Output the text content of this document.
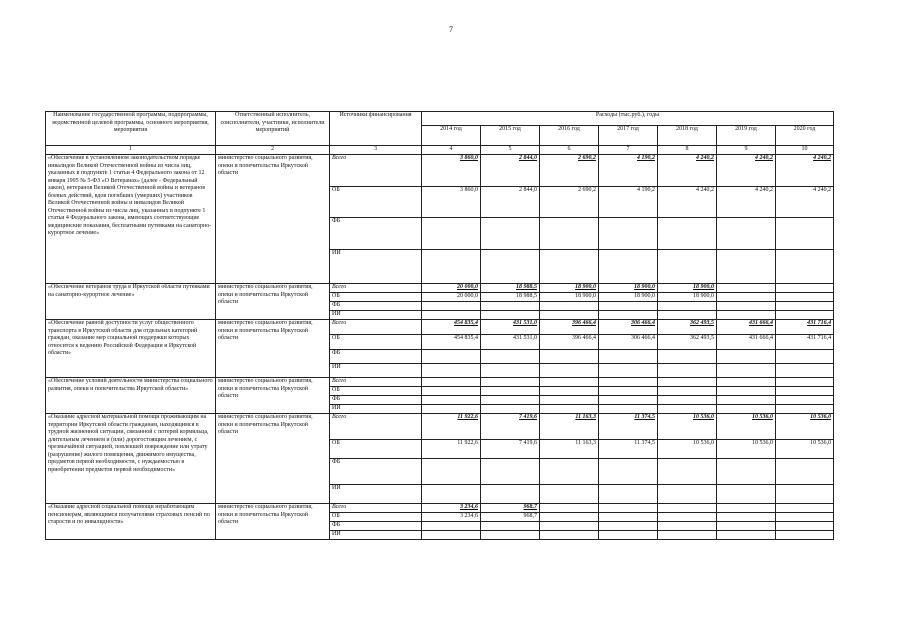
7
Наименование государственной программы, подпрограммы, ведомственной целевой программы, основного мероприятия, мероприятия	Ответственный исполнитель, соисполнители, участники, исполнители мероприятий	Источники финансирования	Расходы (тыс.руб.), годы						
			2014 год	2015 год	2016 год	2017 год	2018 год	2019 год	2020 год
1	2	3	4	5	6	7	8	9	10
«Обеспечение в установленном законодательством порядке инвалидов Великой Отечественной войны из числа лиц, указанных в подпункте 1 статьи 4 Федерального закона от 12 января 1995 № 5-ФЗ «О Ветеранах» (далее - Федеральный закон), ветеранов Великой Отечественной войны и ветеранов боевых действий, вдов погибших (умерших) участников Великой Отечественной войны и инвалидов Великой Отечественной войны из числа лиц, указанных в подпункте 1 статьи 4 Федерального закона, имеющих соответствующие медицинские показания, бесплатными путевками на санаторно-курортное лечение»	министерство социального развития, опеки и попечительства Иркутской области	Всего	3 860,0	2 844,0	2 690,2	4 190,2	4 240,2	4 240,2	4 240,2
		ОБ	3 860,0	2 844,0	2 690,2	4 190,2	4 240,2	4 240,2	4 240,2
		ФБ							
		ИИ							
«Обеспечение ветеранов труда в Иркутской области путевками на санаторно-курортное лечение»	министерство социального развития, опеки и попечительства Иркутской области	Всего	20 000,0	18 988,5	18 900,0	18 900,0	18 900,0		
		ОБ	20 000,0	18 988,5	18 900,0	18 900,0	18 900,0		
		ФБ							
		ИИ							
«Обеспечение равной доступности услуг общественного транспорта в Иркутской области для отдельных категорий граждан, оказание мер социальной поддержки которых относится к ведению Российской Федерации и Иркутской области»	министерство социального развития, опеки и попечительства Иркутской области	Всего	454 835,4	431 531,0	396 466,4	306 466,4	362 493,5	431 666,4	431 716,4
		ОБ	454 835,4	431 531,0	396 466,4	306 466,4	362 493,5	431 666,4	431 716,4
		ФБ							
		ИИ							
«Обеспечение условий деятельности министерства социального развития, опеки и попечительства Иркутской области»	министерство социального развития, опеки и попечительства Иркутской области	Всего							
		ОБ							
		ФБ							
		ИИ							
«Оказание адресной материальной помощи проживающим на территории Иркутской области гражданам, находящимся в трудной жизненной ситуации, связанной с потерей кормильца, длительным лечением и (или) дорогостоящим лечением, с чрезвычайной ситуацией, повлекшей повреждение или утрату (разрушение) жилого помещения, движимого имущества, предметов первой необходимости, с нуждаемостью в приобретении предметов первой необходимости»	министерство социального развития, опеки и попечительства Иркутской области	Всего	11 922,6	7 419,6	11 163,3	11 374,5	10 536,0	10 536,0	10 536,0
		ОБ	11 922,6	7 419,6	11 163,3	11 374,5	10 536,0	10 536,0	10 536,0
		ФБ							
		ИИ							
«Оказание адресной социальной помощи неработающим пенсионерам, являющимся получателями страховых пенсий по старости и по инвалидности»	министерство социального развития, опеки и попечительства Иркутской области	Всего	3 234,6	968,7					
		ОБ	3 234,6	968,7					
		ФБ							
		ИИ							
